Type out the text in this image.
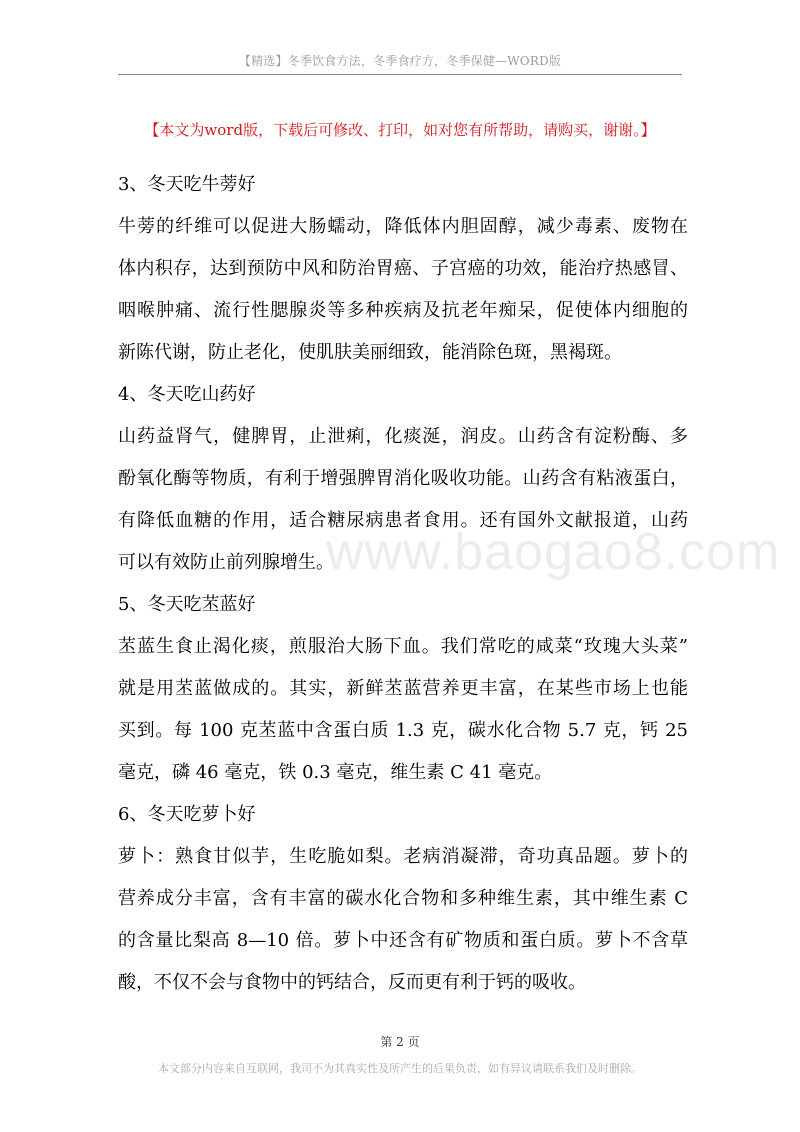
【精选】冬季饮食方法，冬季食疗方，冬季保健—WORD版
【本文为word版，下载后可修改、打印，如对您有所帮助，请购买，谢谢。】
www.baogao8.com
3、冬天吃牛蒡好
牛蒡的纤维可以促进大肠蠕动，降低体内胆固醇，减少毒素、废物在
体内积存，达到预防中风和防治胃癌、子宫癌的功效，能治疗热感冒、
咽喉肿痛、流行性腮腺炎等多种疾病及抗老年痴呆，促使体内细胞的
新陈代谢，防止老化，使肌肤美丽细致，能消除色斑，黑褐斑。
4、冬天吃山药好
山药益肾气，健脾胃，止泄痢，化痰涎，润皮。山药含有淀粉酶、多
酚氧化酶等物质，有利于增强脾胃消化吸收功能。山药含有粘液蛋白，
有降低血糖的作用，适合糖尿病患者食用。还有国外文献报道，山药
可以有效防止前列腺增生。
5、冬天吃苤蓝好
苤蓝生食止渴化痰，煎服治大肠下血。我们常吃的咸菜“玫瑰大头菜”
就是用苤蓝做成的。其实，新鲜苤蓝营养更丰富，在某些市场上也能
买到。每 100 克苤蓝中含蛋白质 1.3 克，碳水化合物 5.7 克，钙 25
毫克，磷 46 毫克，铁 0.3 毫克，维生素 C 41 毫克。
6、冬天吃萝卜好
萝卜：熟食甘似芋，生吃脆如梨。老病消凝滞，奇功真品题。萝卜的
营养成分丰富，含有丰富的碳水化合物和多种维生素，其中维生素 C
的含量比梨高 8—10 倍。萝卜中还含有矿物质和蛋白质。萝卜不含草
酸，不仅不会与食物中的钙结合，反而更有利于钙的吸收。
第 2 页
本文部分内容来自互联网，我司不为其真实性及所产生的后果负责，如有异议请联系我们及时删除。
